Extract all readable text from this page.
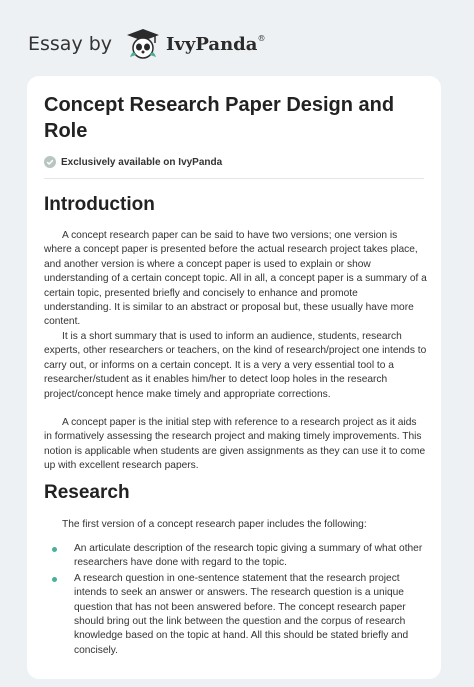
Essay by	IvyPanda®
Concept Research Paper Design and Role
Exclusively available on IvyPanda
Introduction

A concept research paper can be said to have two versions; one version is where a concept paper is presented before the actual research project takes place, and another version is where a concept paper is used to explain or show understanding of a certain concept topic. All in all, a concept paper is a summary of a certain topic, presented briefly and concisely to enhance and promote understanding. It is similar to an abstract or proposal but, these usually have more content.

It is a short summary that is used to inform an audience, students, research experts, other researchers or teachers, on the kind of research/project one intends to carry out, or informs on a certain concept. It is a very a very essential tool to a researcher/student as it enables him/her to detect loop holes in the research project/concept hence make timely and appropriate corrections.

A concept paper is the initial step with reference to a research project as it aids in formatively assessing the research project and making timely improvements. This notion is applicable when students are given assignments as they can use it to come up with excellent research papers.

Research

The first version of a concept research paper includes the following:

An articulate description of the research topic giving a summary of what other researchers have done with regard to the topic.
A research question in one-sentence statement that the research project intends to seek an answer or answers. The research question is a unique question that has not been answered before. The concept research paper should bring out the link between the question and the corpus of research knowledge based on the topic at hand. All this should be stated briefly and concisely.
